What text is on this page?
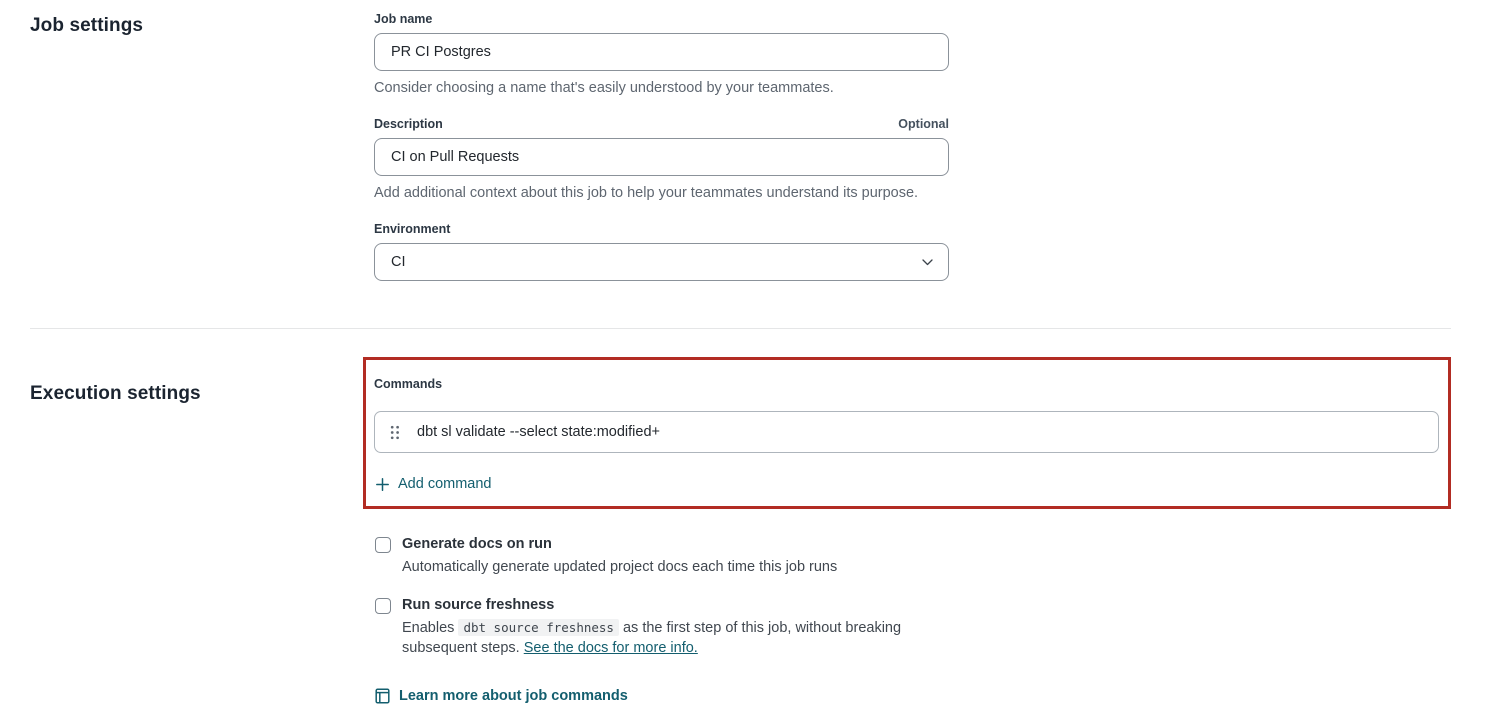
Job settings	Job name
PR CI Postgres

Consider choosing a name that's easily understood by your teammates.

Description	Optional
CI on Pull Requests

Add additional context about this job to help your teammates understand its purpose.

Environment
CI
Execution settings	Commands
dbt sl validate --select state:modified+
Add command
Generate docs on run
Automatically generate updated project docs each time this job runs
Run source freshness
Enables dbt source freshness as the first step of this job, without breaking subsequent steps. See the docs for more info.
Learn more about job commands
